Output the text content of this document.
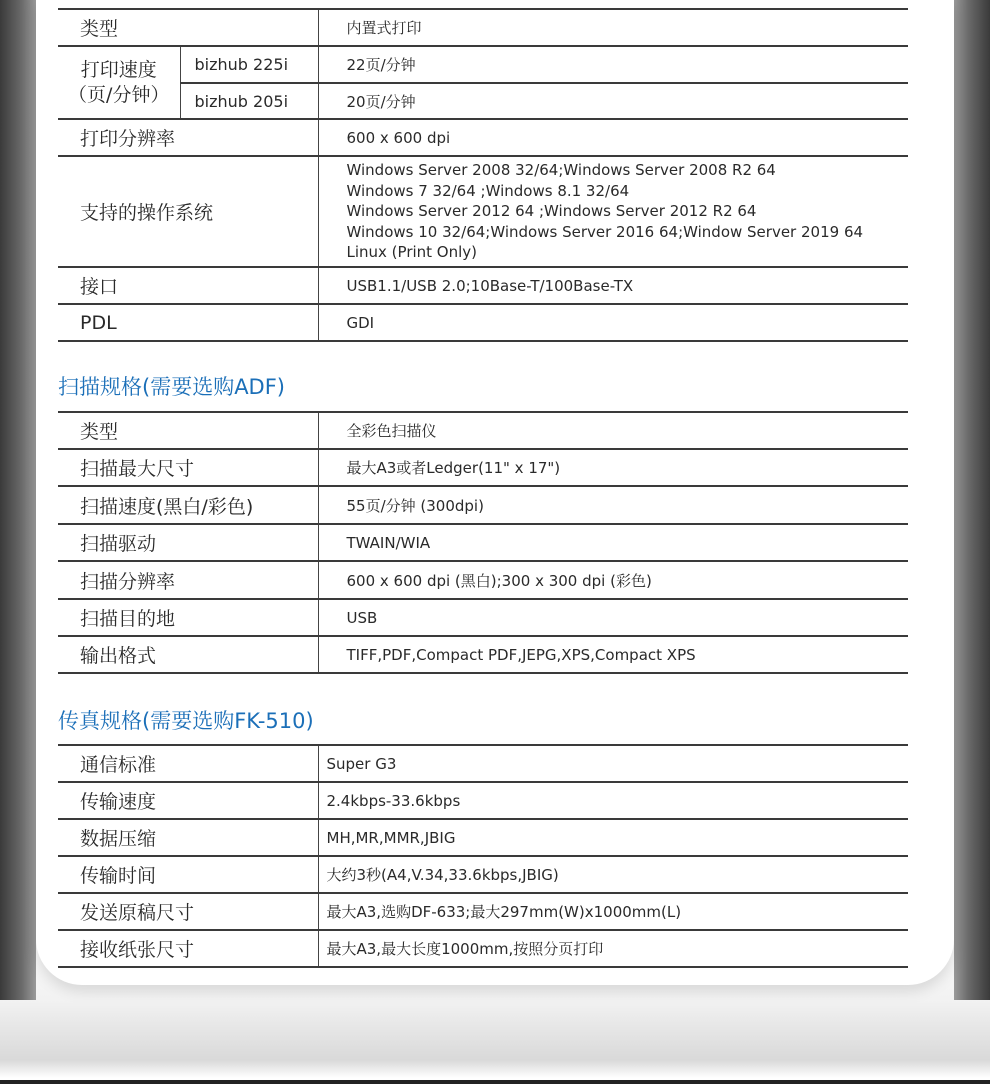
类型		内置式打印

打印速度
（页/分钟）	bizhub 225i	22页/分钟
	bizhub 205i	20页/分钟
打印分辨率		600 x 600 dpi
支持的操作系统		Windows Server 2008 32/64;Windows Server 2008 R2 64
Windows 7 32/64 ;Windows 8.1 32/64
Windows Server 2012 64 ;Windows Server 2012 R2 64
Windows 10 32/64;Windows Server 2016 64;Window Server 2019 64
Linux (Print Only)

接口		USB1.1/USB 2.0;10Base-T/100Base-TX
PDL		GDI
扫描规格(需要选购ADF)
类型	全彩色扫描仪
扫描最大尺寸	最大A3或者Ledger(11" x 17")
扫描速度(黑白/彩色)	55页/分钟 (300dpi)
扫描驱动	TWAIN/WIA
扫描分辨率	600 x 600 dpi (黑白);300 x 300 dpi (彩色)
扫描目的地	USB
输出格式	TIFF,PDF,Compact PDF,JEPG,XPS,Compact XPS
传真规格(需要选购FK-510)
通信标准	Super G3
传输速度	2.4kbps-33.6kbps
数据压缩	MH,MR,MMR,JBIG
传输时间	大约3秒(A4,V.34,33.6kbps,JBIG)
发送原稿尺寸	最大A3,选购DF-633;最大297mm(W)x1000mm(L)
接收纸张尺寸	最大A3,最大长度1000mm,按照分页打印
